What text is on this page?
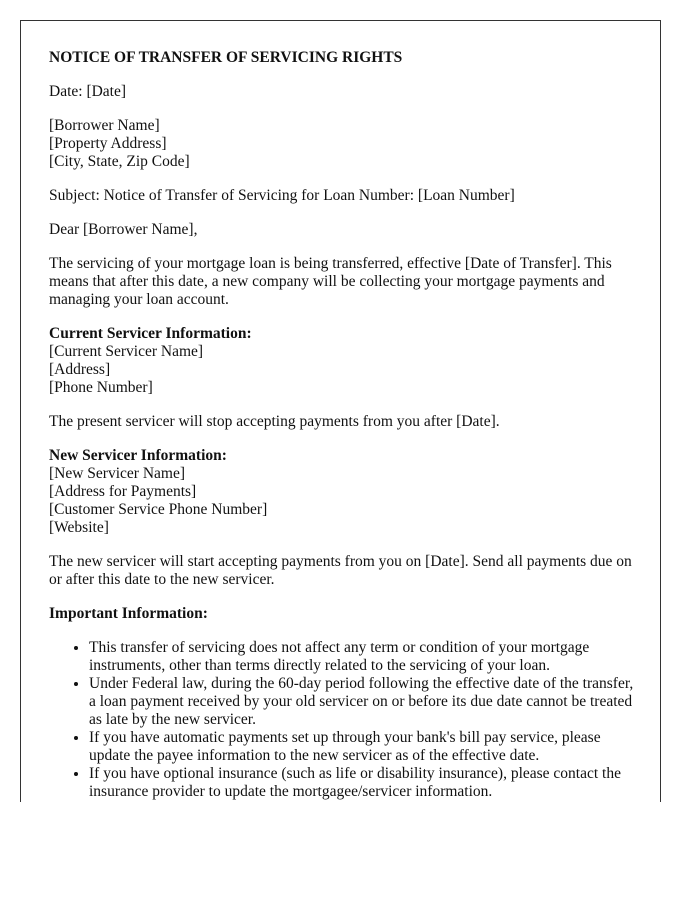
NOTICE OF TRANSFER OF SERVICING RIGHTS

Date: [Date]

[Borrower Name]
[Property Address]
[City, State, Zip Code]

Subject: Notice of Transfer of Servicing for Loan Number: [Loan Number]

Dear [Borrower Name],

The servicing of your mortgage loan is being transferred, effective [Date of Transfer]. This means that after this date, a new company will be collecting your mortgage payments and managing your loan account.

Current Servicer Information:
[Current Servicer Name]
[Address]
[Phone Number]

The present servicer will stop accepting payments from you after [Date].

New Servicer Information:
[New Servicer Name]
[Address for Payments]
[Customer Service Phone Number]
[Website]

The new servicer will start accepting payments from you on [Date]. Send all payments due on or after this date to the new servicer.

Important Information:
• This transfer of servicing does not affect any term or condition of your mortgage instruments, other than terms directly related to the servicing of your loan.
• Under Federal law, during the 60-day period following the effective date of the transfer, a loan payment received by your old servicer on or before its due date cannot be treated as late by the new servicer.
• If you have automatic payments set up through your bank's bill pay service, please update the payee information to the new servicer as of the effective date.
• If you have optional insurance (such as life or disability insurance), please contact the insurance provider to update the mortgagee/servicer information.
